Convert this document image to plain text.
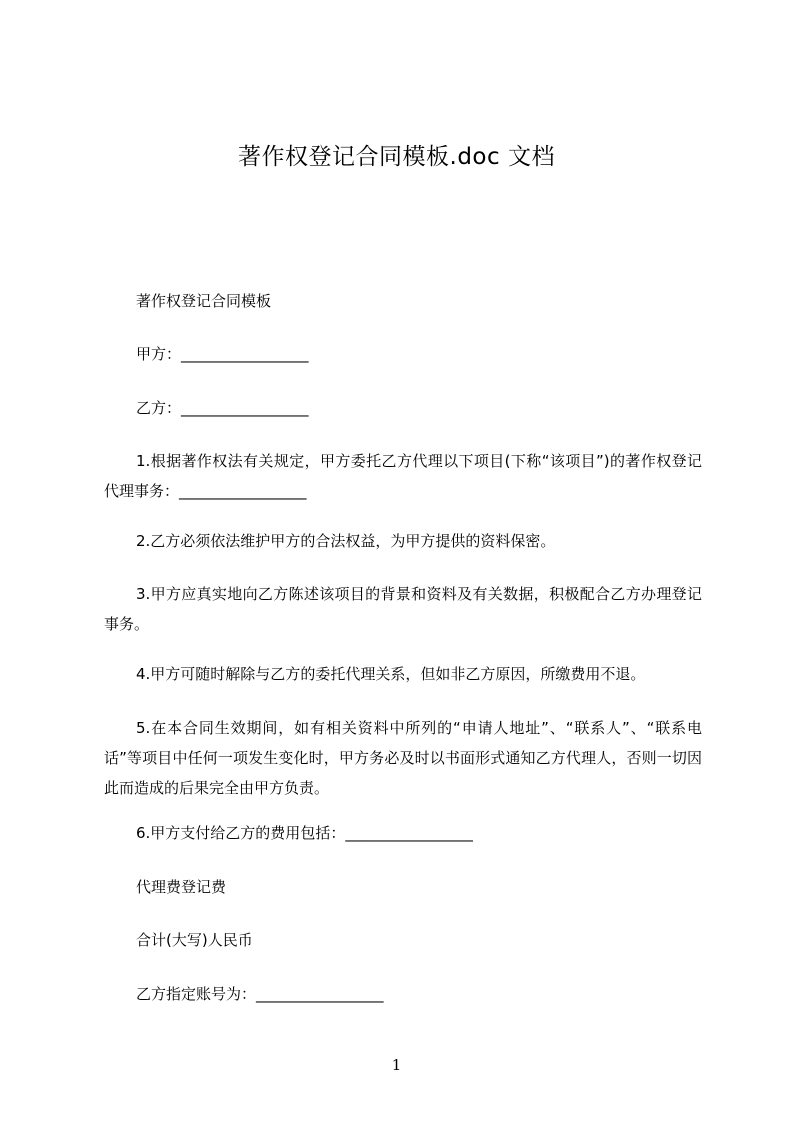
著作权登记合同模板.doc 文档
著作权登记合同模板
甲方：_________________
乙方：_________________
1.根据著作权法有关规定，甲方委托乙方代理以下项目(下称“该项目”)的著作权登记代理事务：_________________
2.乙方必须依法维护甲方的合法权益，为甲方提供的资料保密。
3.甲方应真实地向乙方陈述该项目的背景和资料及有关数据，积极配合乙方办理登记事务。
4.甲方可随时解除与乙方的委托代理关系，但如非乙方原因，所缴费用不退。
5.在本合同生效期间，如有相关资料中所列的“申请人地址”、“联系人”、“联系电话”等项目中任何一项发生变化时，甲方务必及时以书面形式通知乙方代理人，否则一切因此而造成的后果完全由甲方负责。
6.甲方支付给乙方的费用包括：_________________
代理费登记费
合计(大写)人民币
乙方指定账号为：_________________
1
